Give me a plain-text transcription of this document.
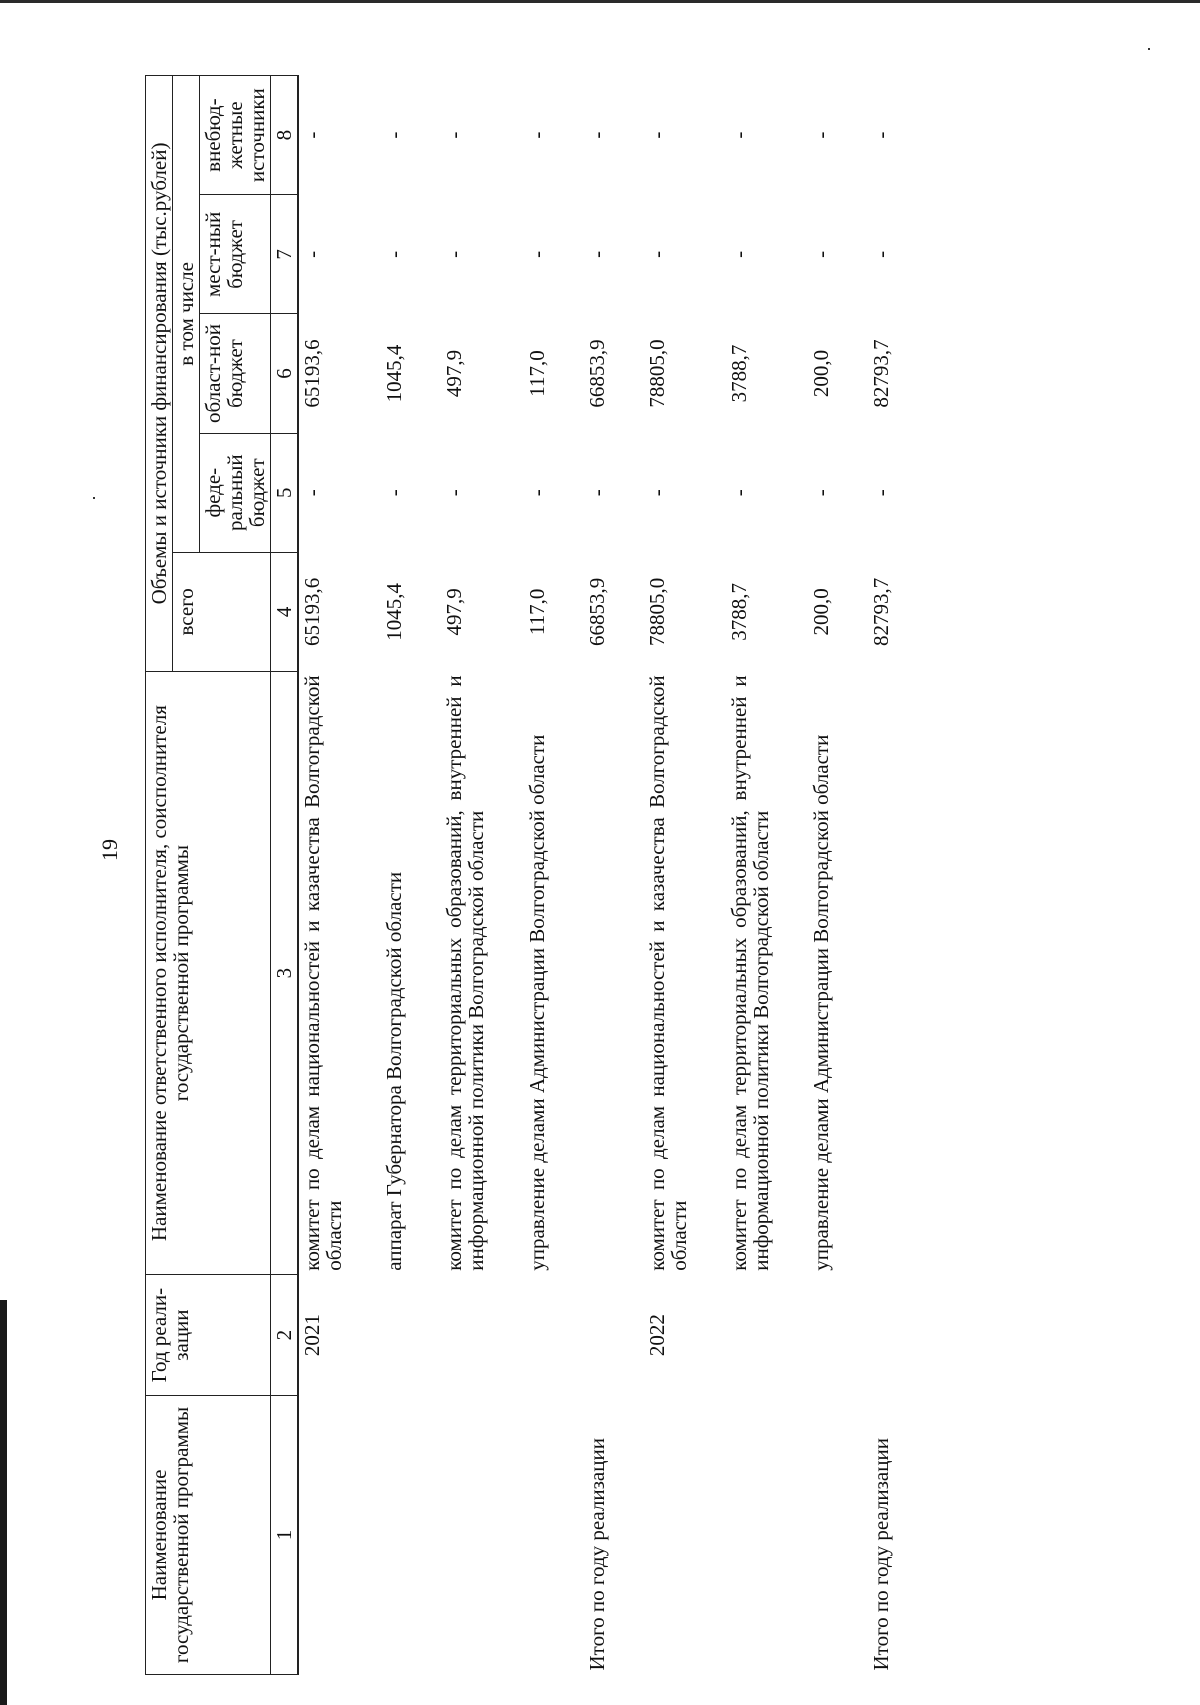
19
Наименование государственной программы	Год реали-зации	Наименование ответственного исполнителя, соисполнителя государственной программы	Объемы и источники финансирования (тыс.рублей)				
			всего	в том числе			
				феде-ральный бюджет	област-ной бюджет	мест-ный бюджет	внебюд-жетные источники
1	2	3	4	5	6	7	8
	2021	комитет по делам национальностей и казачества Волгоградской области	65193,6	-	65193,6	-	-

		аппарат Губернатора Волгоградской области	1045,4	-	1045,4	-	-

		комитет по делам территориальных образований, внутренней и информационной политики Волгоградской области	497,9	-	497,9	-	-

		управление делами Администрации Волгоградской области	117,0	-	117,0	-	-

Итого по году реализации			66853,9	-	66853,9	-	-

	2022	комитет по делам национальностей и казачества Волгоградской области	78805,0	-	78805,0	-	-

		комитет по делам территориальных образований, внутренней и информационной политики Волгоградской области	3788,7	-	3788,7	-	-

		управление делами Администрации Волгоградской области	200,0	-	200,0	-	-

Итого по году реализации			82793,7	-	82793,7	-	-
